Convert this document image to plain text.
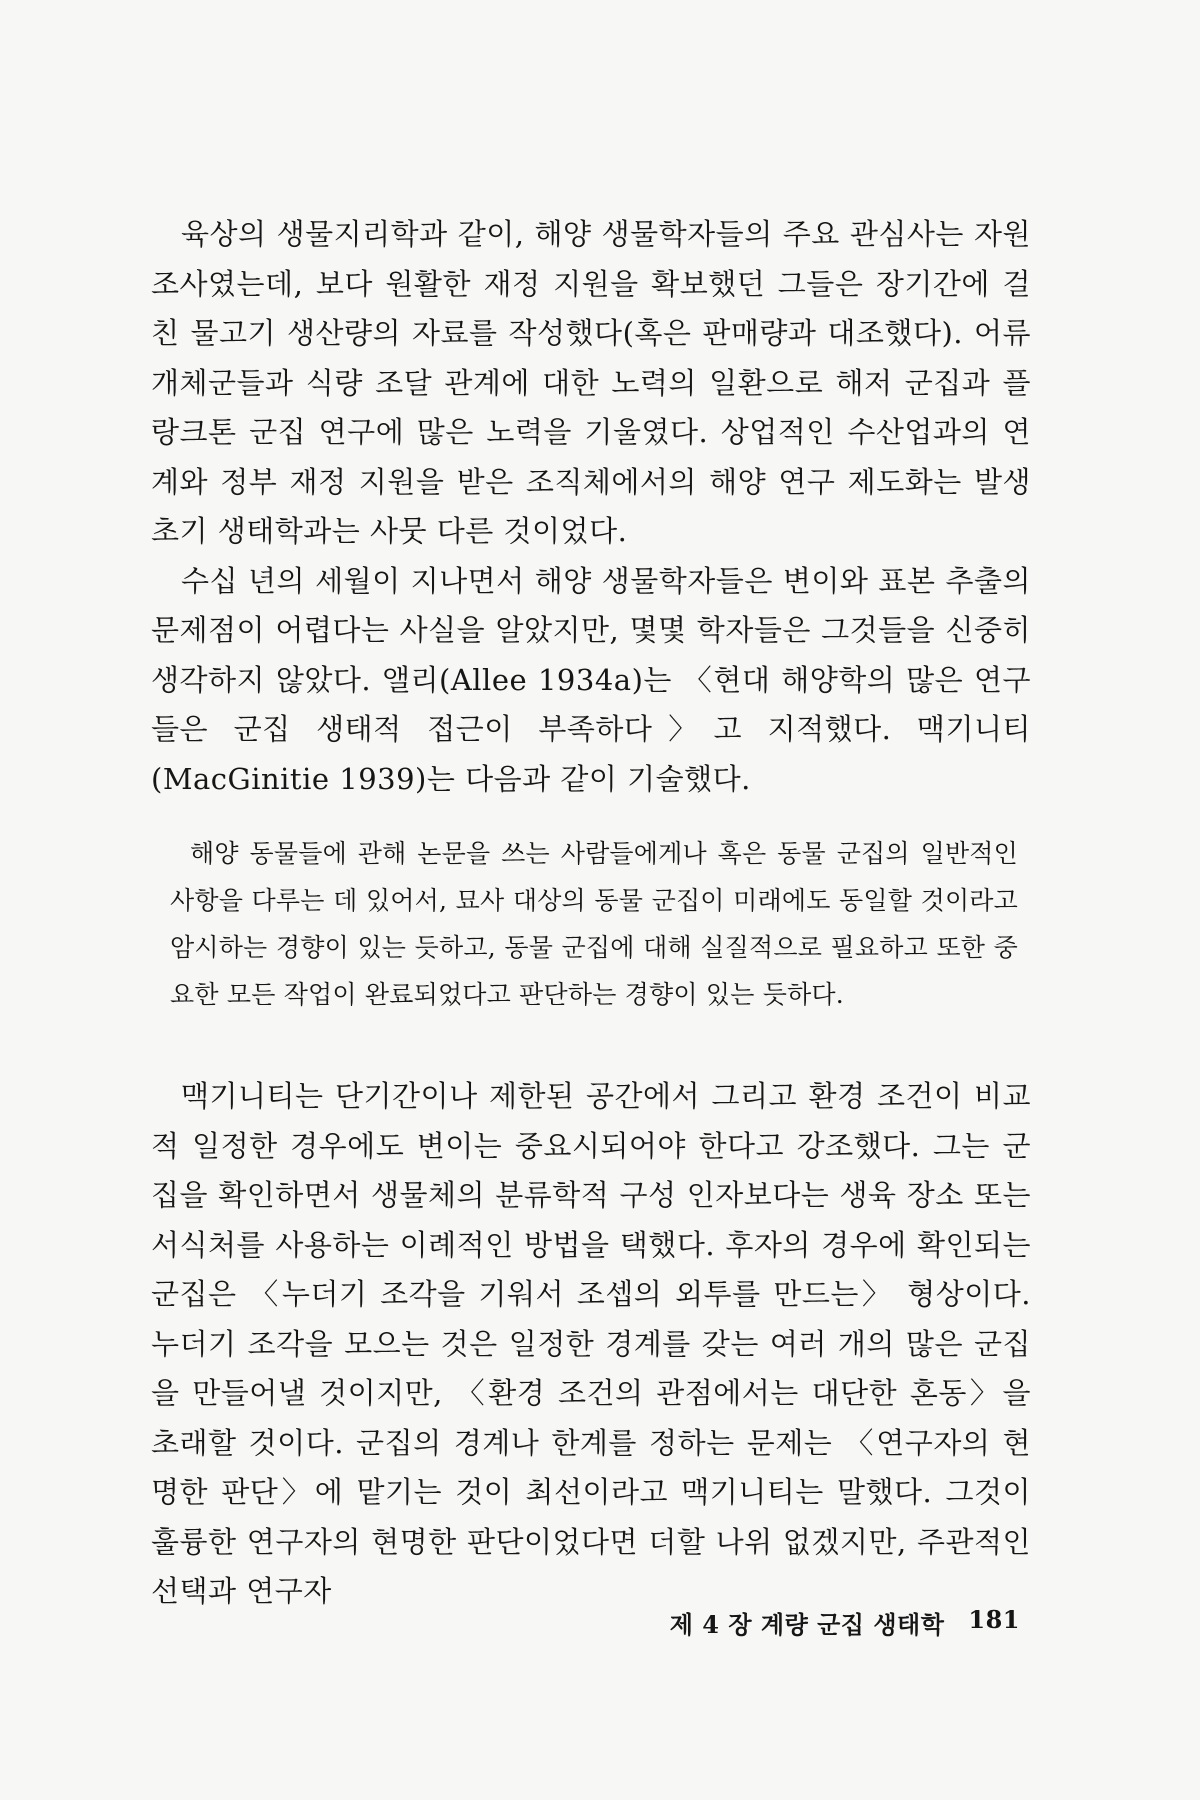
육상의 생물지리학과 같이, 해양 생물학자들의 주요 관심사는 자원 조사였는데, 보다 원활한 재정 지원을 확보했던 그들은 장기간에 걸친 물고기 생산량의 자료를 작성했다(혹은 판매량과 대조했다). 어류 개체군들과 식량 조달 관계에 대한 노력의 일환으로 해저 군집과 플랑크톤 군집 연구에 많은 노력을 기울였다. 상업적인 수산업과의 연계와 정부 재정 지원을 받은 조직체에서의 해양 연구 제도화는 발생 초기 생태학과는 사뭇 다른 것이었다.

수십 년의 세월이 지나면서 해양 생물학자들은 변이와 표본 추출의 문제점이 어렵다는 사실을 알았지만, 몇몇 학자들은 그것들을 신중히 생각하지 않았다. 앨리(Allee 1934a)는 〈현대 해양학의 많은 연구들은 군집 생태적 접근이 부족하다〉고 지적했다. 맥기니티(MacGinitie 1939)는 다음과 같이 기술했다.

해양 동물들에 관해 논문을 쓰는 사람들에게나 혹은 동물 군집의 일반적인 사항을 다루는 데 있어서, 묘사 대상의 동물 군집이 미래에도 동일할 것이라고 암시하는 경향이 있는 듯하고, 동물 군집에 대해 실질적으로 필요하고 또한 중요한 모든 작업이 완료되었다고 판단하는 경향이 있는 듯하다.

맥기니티는 단기간이나 제한된 공간에서 그리고 환경 조건이 비교적 일정한 경우에도 변이는 중요시되어야 한다고 강조했다. 그는 군집을 확인하면서 생물체의 분류학적 구성 인자보다는 생육 장소 또는 서식처를 사용하는 이례적인 방법을 택했다. 후자의 경우에 확인되는 군집은 〈누더기 조각을 기워서 조셉의 외투를 만드는〉 형상이다. 누더기 조각을 모으는 것은 일정한 경계를 갖는 여러 개의 많은 군집을 만들어낼 것이지만, 〈환경 조건의 관점에서는 대단한 혼동〉을 초래할 것이다. 군집의 경계나 한계를 정하는 문제는 〈연구자의 현명한 판단〉에 맡기는 것이 최선이라고 맥기니티는 말했다. 그것이 훌륭한 연구자의 현명한 판단이었다면 더할 나위 없겠지만, 주관적인 선택과 연구자

제 4 장 계량 군집 생태학 181
